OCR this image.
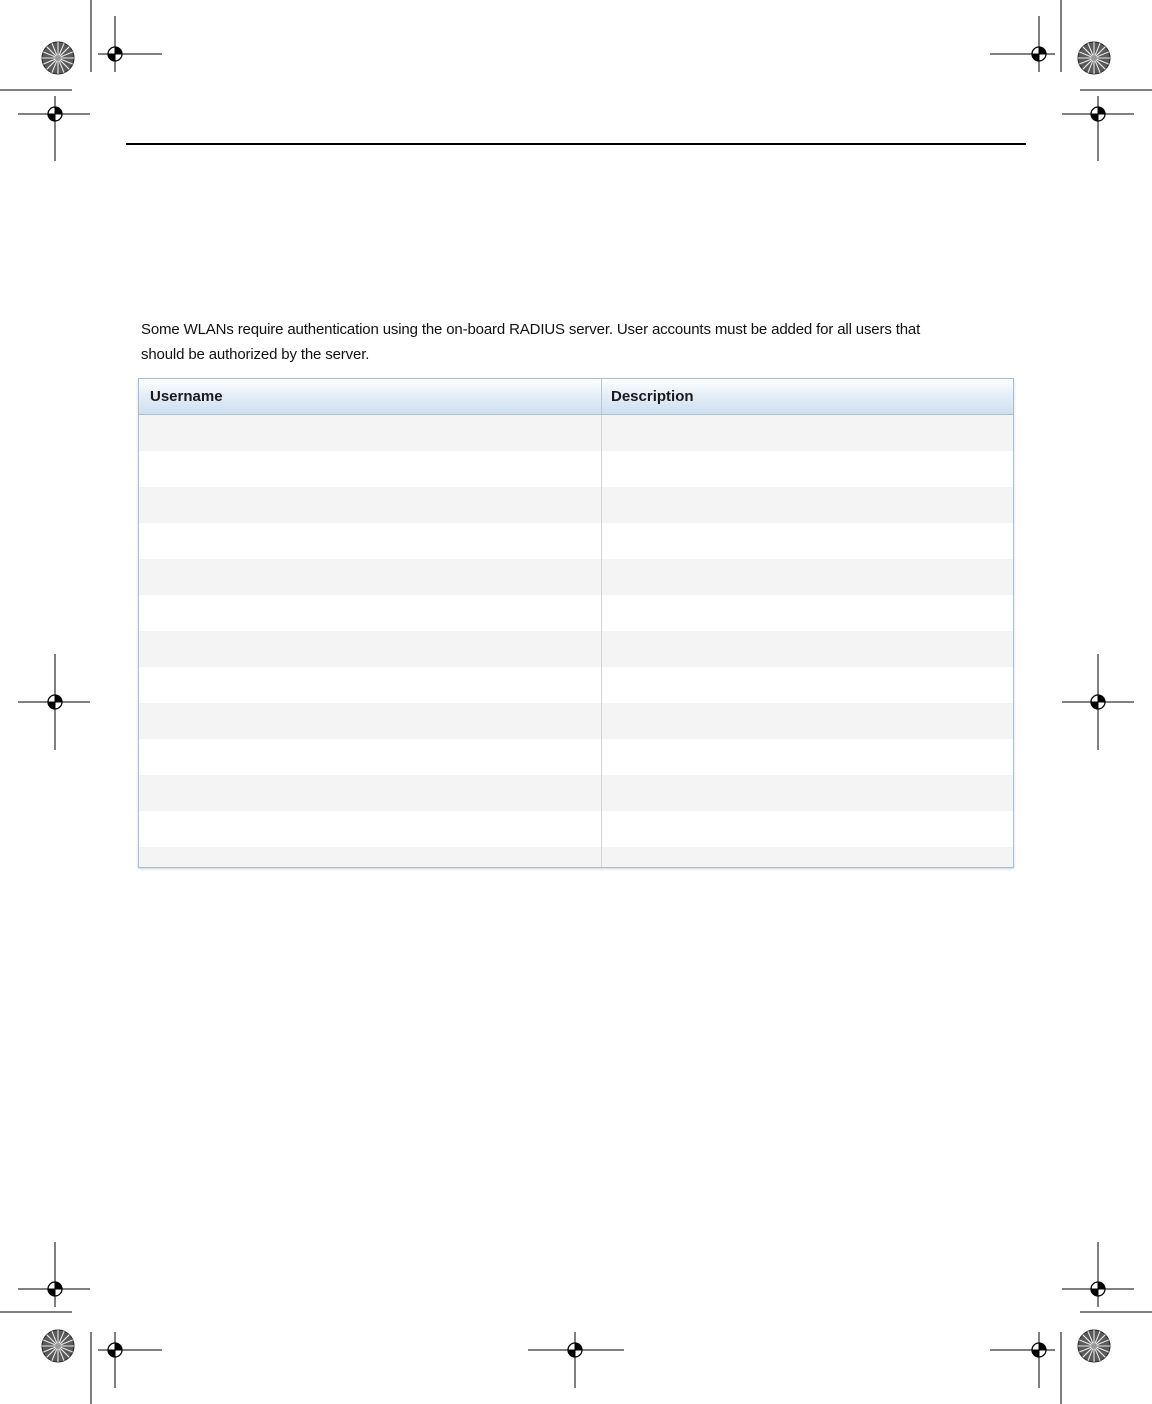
Some WLANs require authentication using the on-board RADIUS server. User accounts must be added for all users that
should be authorized by the server.
Username	Description
